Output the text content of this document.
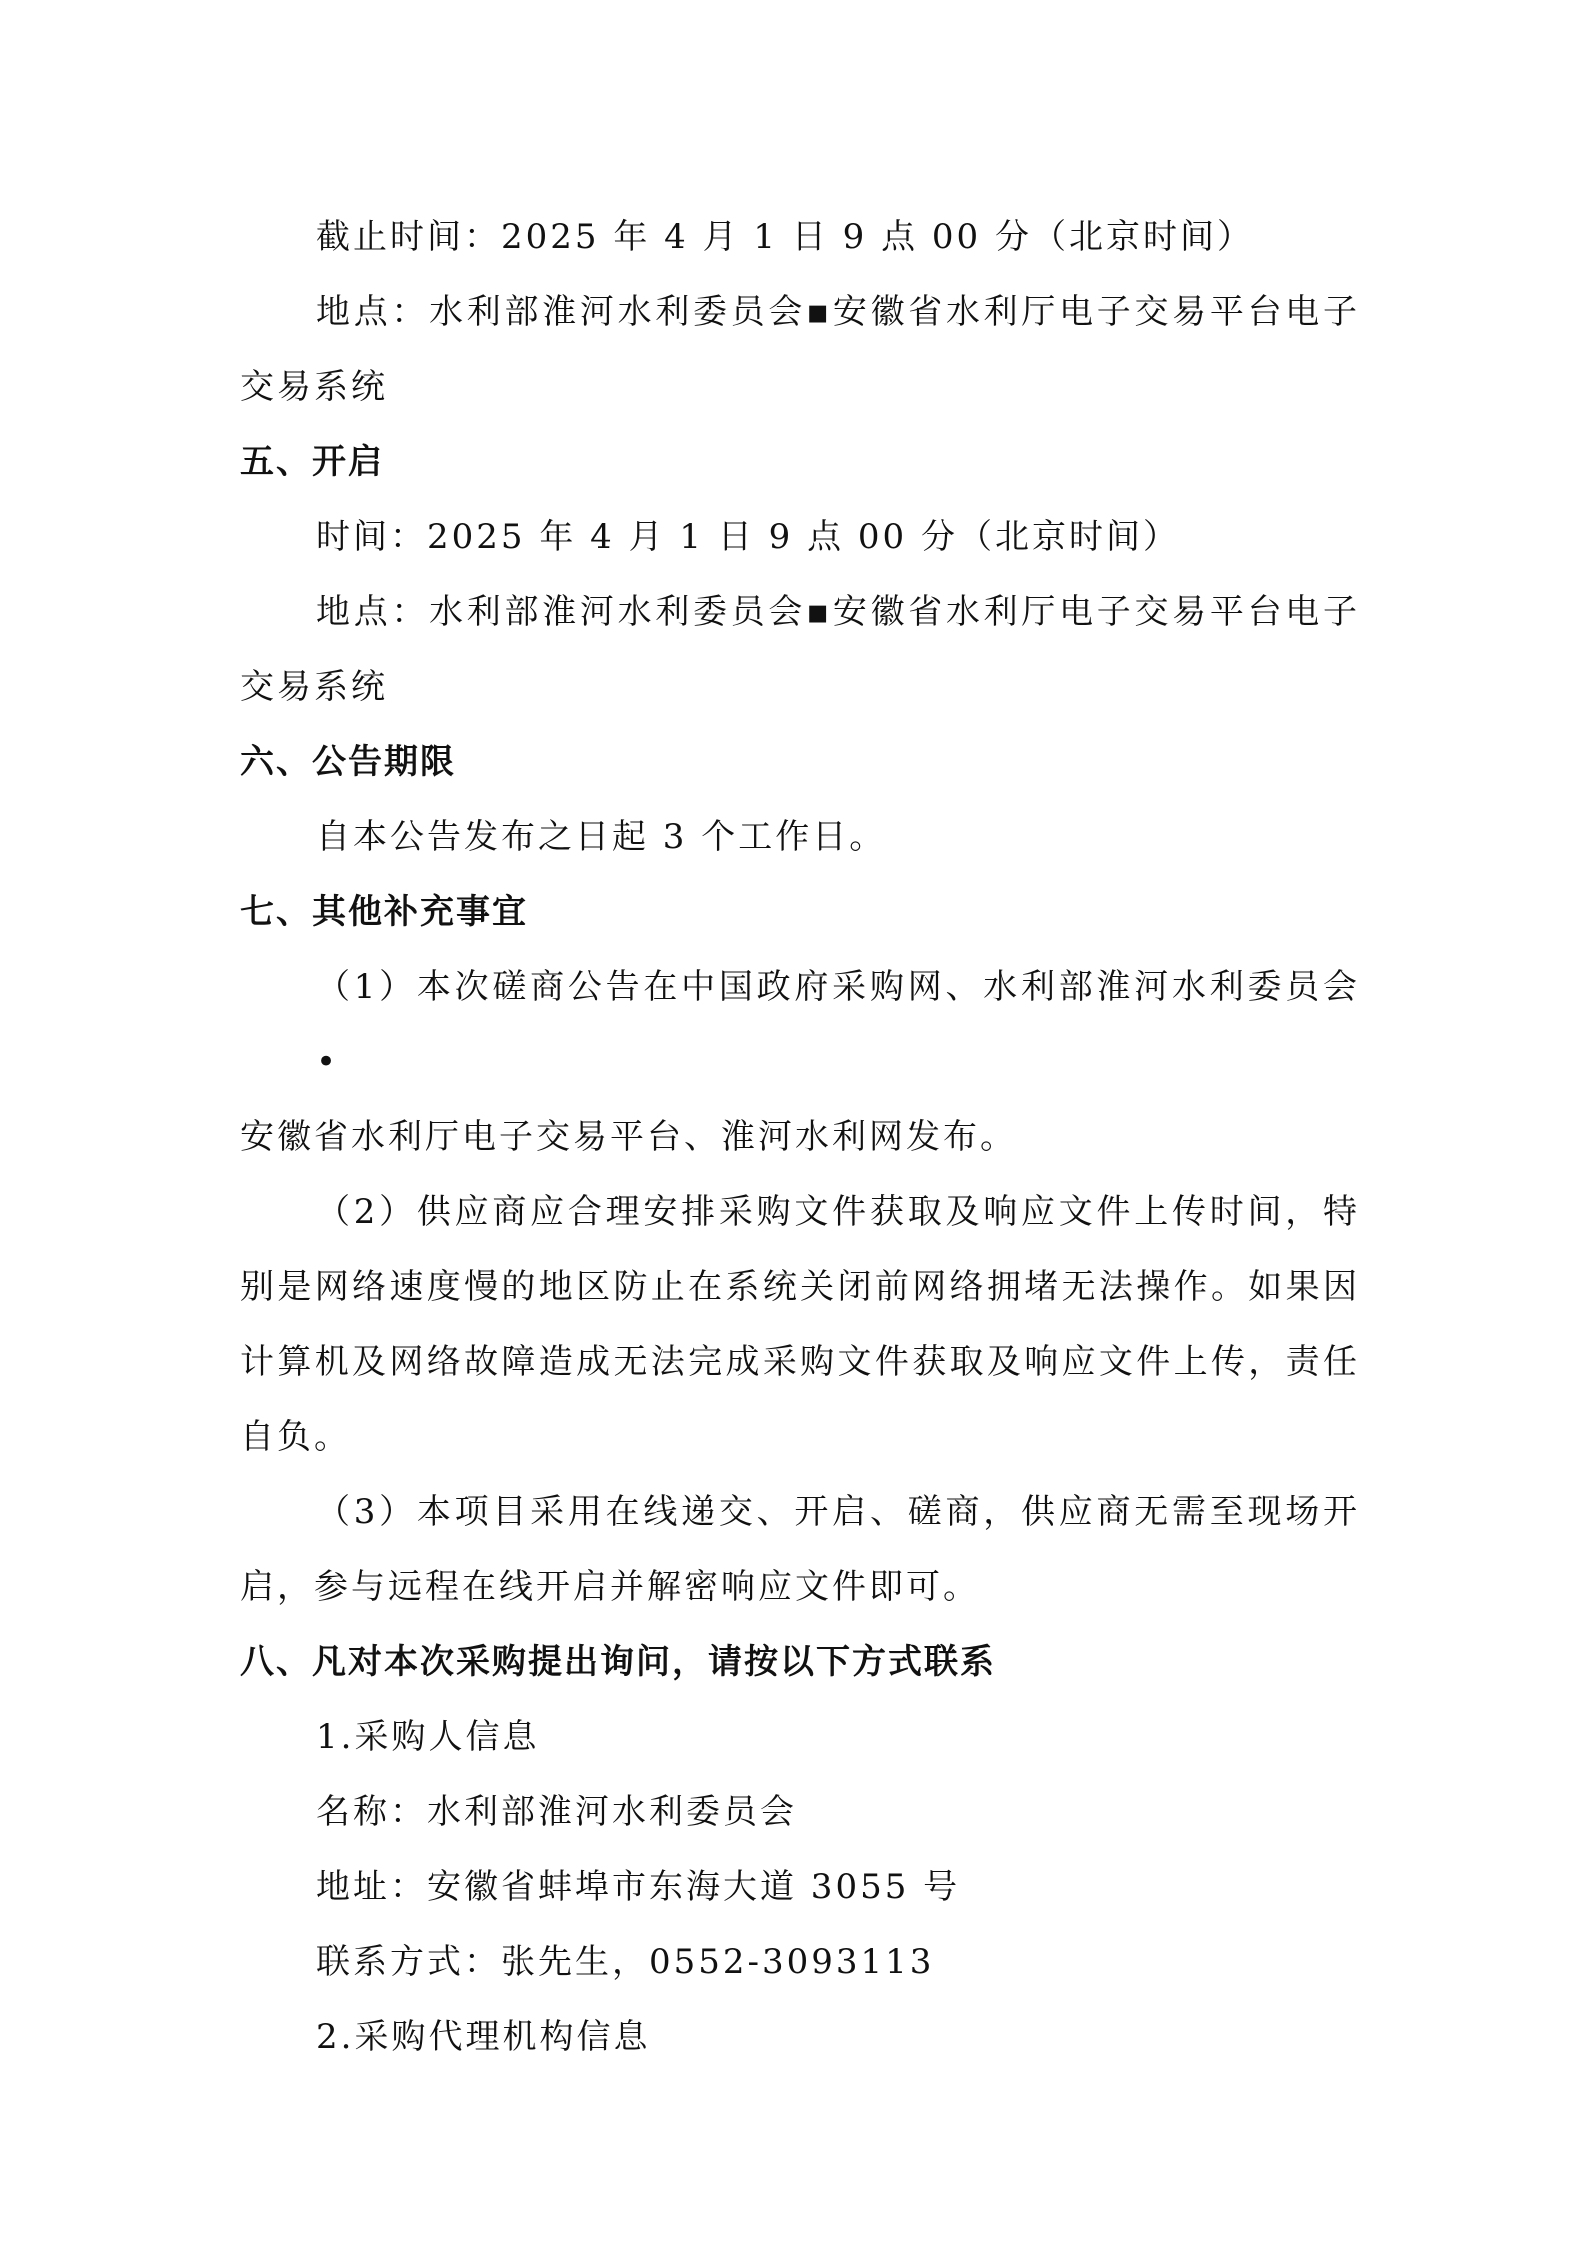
截止时间：2025 年 4 月 1 日 9 点 00 分（北京时间）

地点：水利部淮河水利委员会▪安徽省水利厅电子交易平台电子

交易系统

五、开启

时间：2025 年 4 月 1 日 9 点 00 分（北京时间）

地点：水利部淮河水利委员会▪安徽省水利厅电子交易平台电子

交易系统

六、公告期限

自本公告发布之日起 3 个工作日。

七、其他补充事宜

（1）本次磋商公告在中国政府采购网、水利部淮河水利委员会•

安徽省水利厅电子交易平台、淮河水利网发布。

（2）供应商应合理安排采购文件获取及响应文件上传时间，特

别是网络速度慢的地区防止在系统关闭前网络拥堵无法操作。如果因

计算机及网络故障造成无法完成采购文件获取及响应文件上传，责任

自负。

（3）本项目采用在线递交、开启、磋商，供应商无需至现场开

启，参与远程在线开启并解密响应文件即可。

八、凡对本次采购提出询问，请按以下方式联系

1.采购人信息

名称：水利部淮河水利委员会

地址：安徽省蚌埠市东海大道 3055 号

联系方式：张先生，0552-3093113

2.采购代理机构信息
